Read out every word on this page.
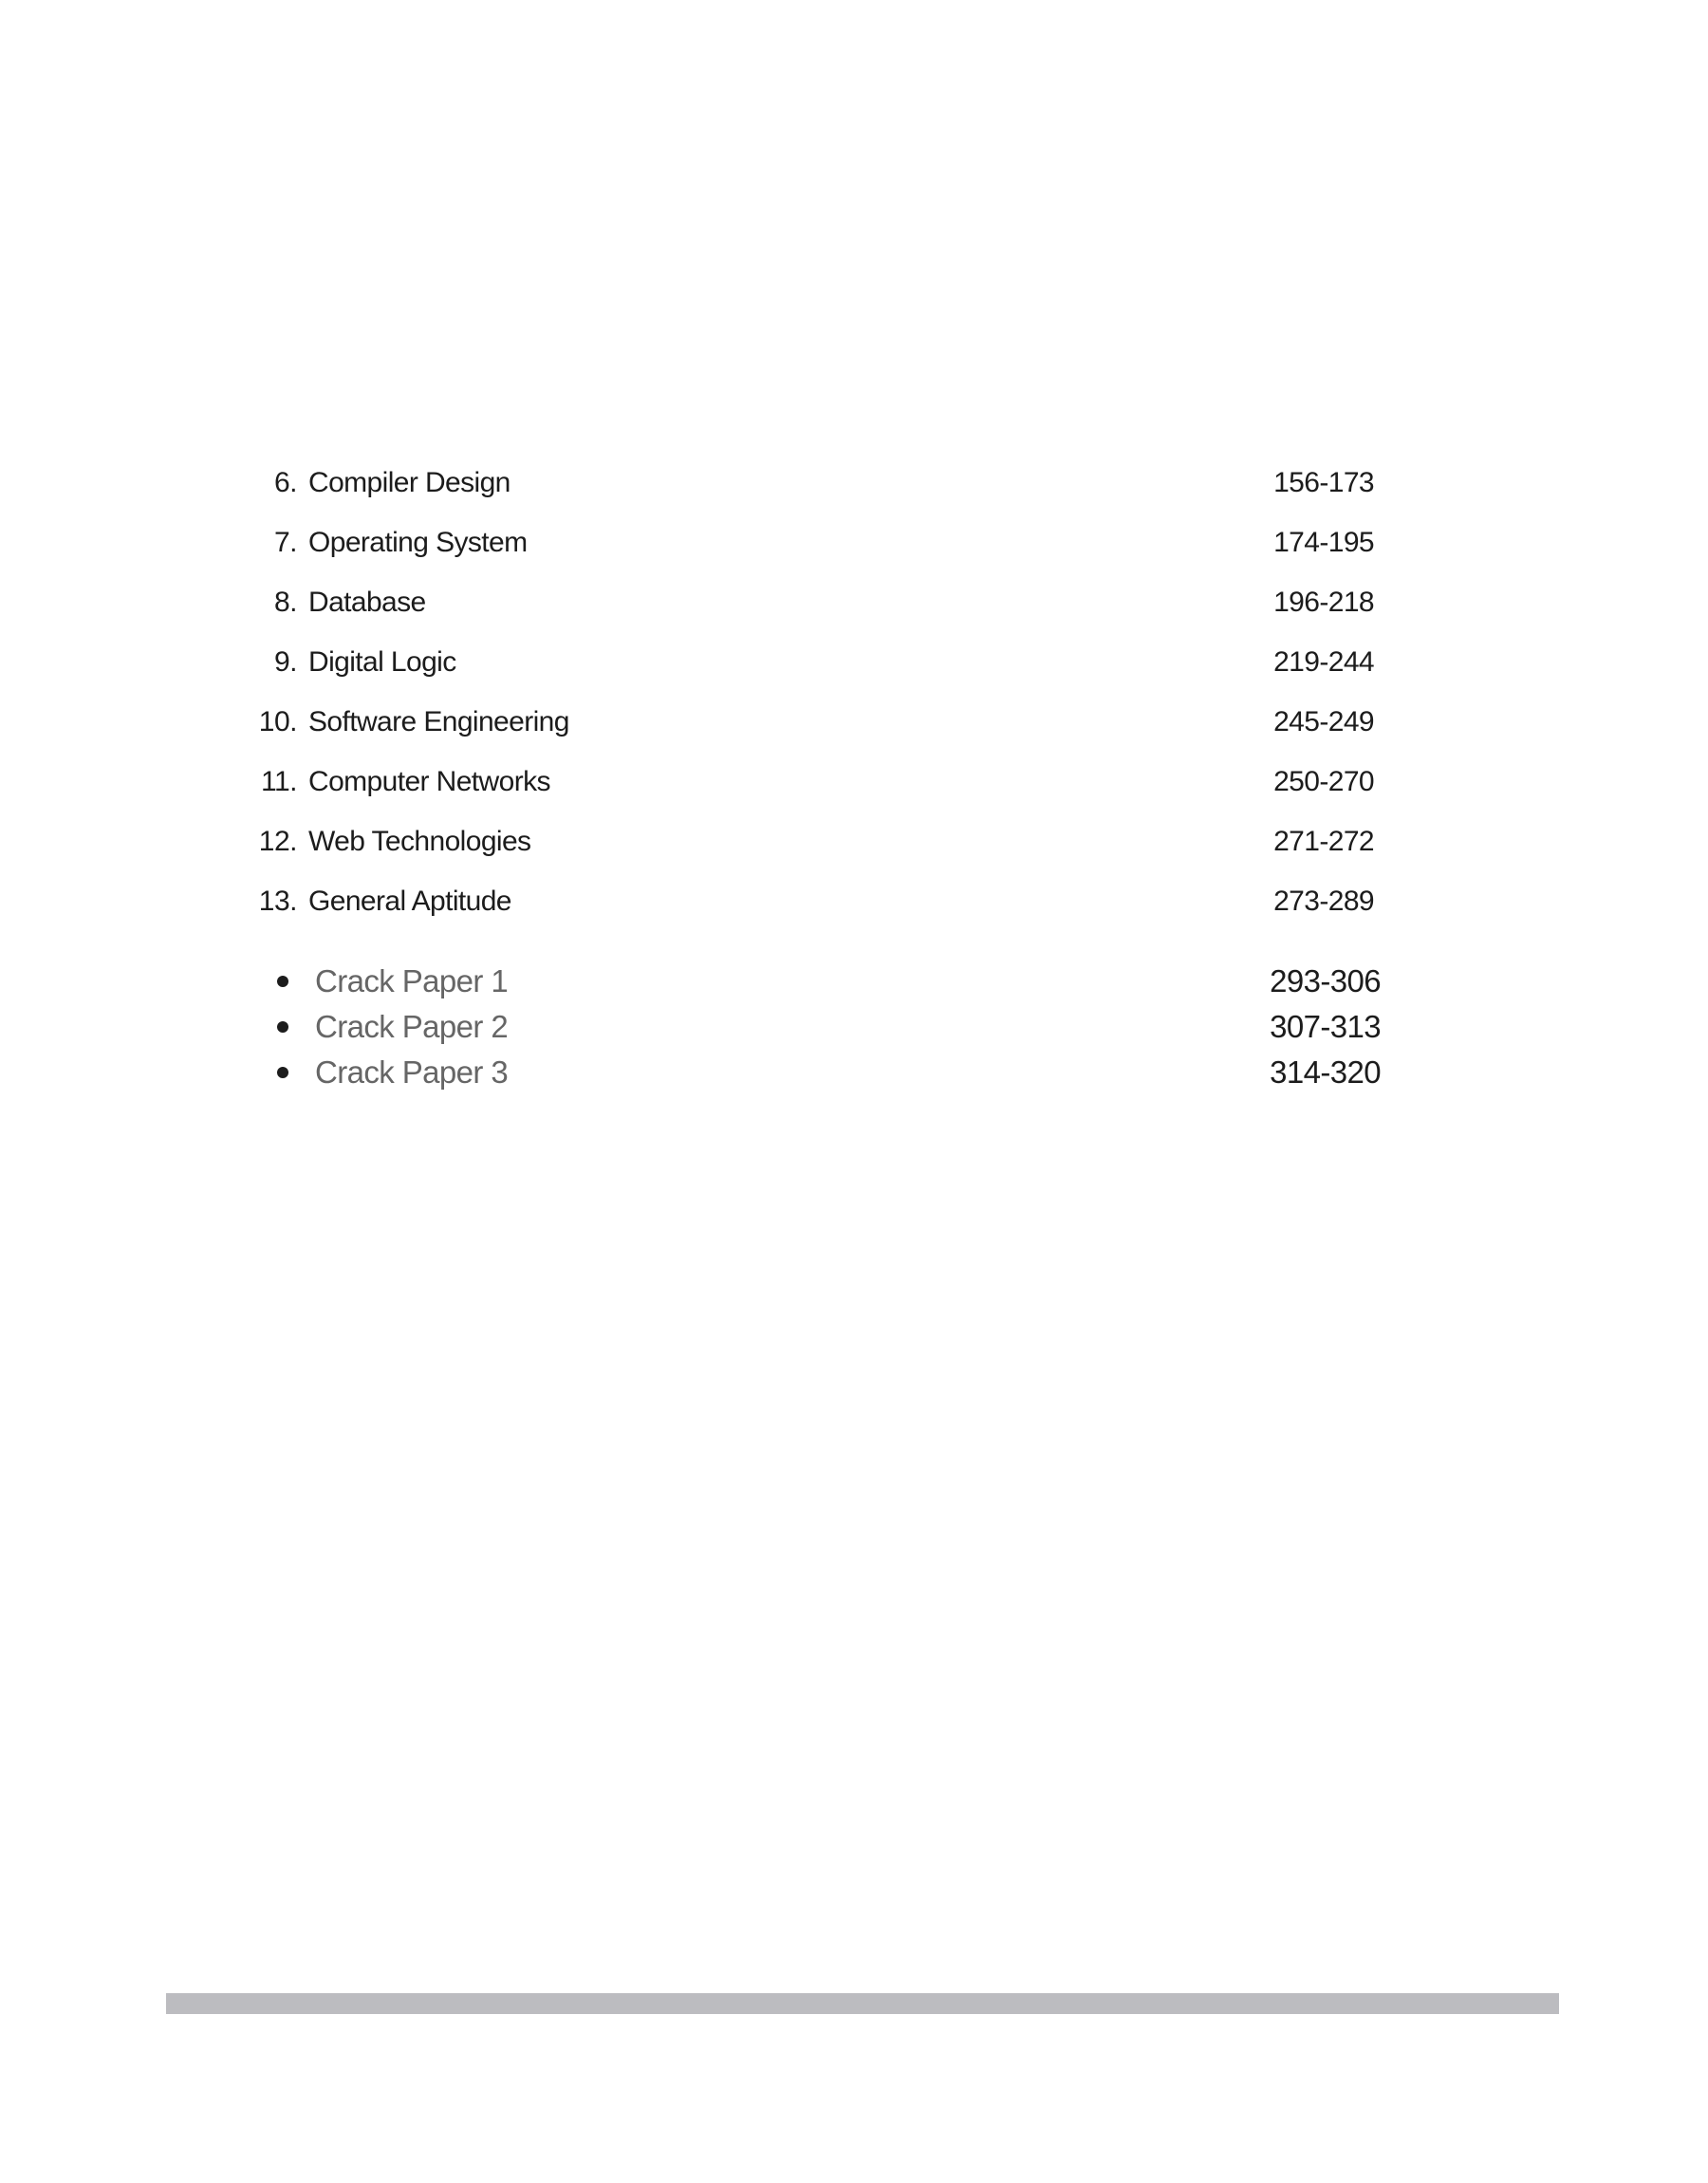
6. Compiler Design	156-173
7. Operating System	174-195
8. Database	196-218
9. Digital Logic	219-244
10. Software Engineering	245-249
11. Computer Networks	250-270
12. Web Technologies	271-272
13. General Aptitude	273-289
Crack Paper 1	293-306
Crack Paper 2	307-313
Crack Paper 3	314-320
